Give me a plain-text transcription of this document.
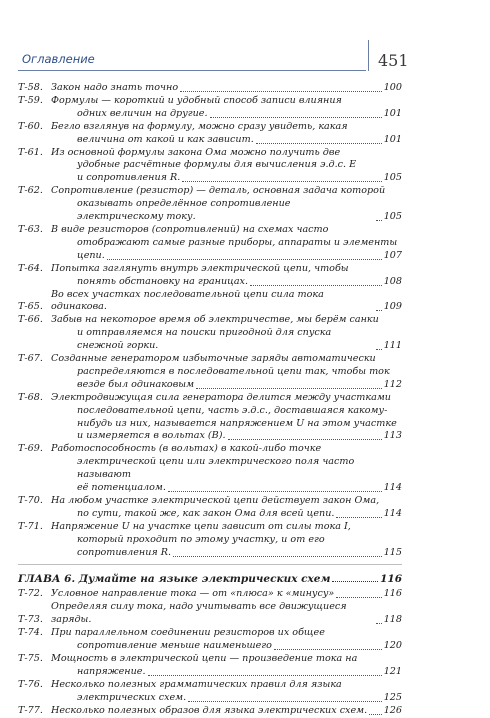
Оглавление	451
Т-58. Закон надо знать точно	100
Т-59. Формулы — короткий и удобный способ записи влияния
одних величин на другие.	101
Т-60. Бегло взглянув на формулу, можно сразу увидеть, какая
величина от какой и как зависит.	101
Т-61. Из основной формулы закона Ома можно получить две
удобные расчётные формулы для вычисления э.д.с. E
и сопротивления R.	105
Т-62. Сопротивление (резистор) — деталь, основная задача которой
оказывать определённое сопротивление электрическому току.	105
Т-63. В виде резисторов (сопротивлений) на схемах часто
отображают самые разные приборы, аппараты и элементы
цепи.	107
Т-64. Попытка заглянуть внутрь электрической цепи, чтобы
понять обстановку на границах.	108
Т-65.
Во всех участках последовательной цепи сила тока одинакова.	109
Т-66. Забыв на некоторое время об электричестве, мы берём санки
и отправляемся на поиски пригодной для спуска снежной горки.	111
Т-67. Созданные генератором избыточные заряды автоматически
распределяются в последовательной цепи так, чтобы ток
везде был одинаковым	112
Т-68. Электродвижущая сила генератора делится между участками
последовательной цепи, часть э.д.с., доставшаяся какому-
нибудь из них, называется напряжением U на этом участке
и измеряется в вольтах (В).	113
Т-69. Работоспособность (в вольтах) в какой-либо точке
электрической цепи или электрического поля часто называют
её потенциалом.	114
Т-70. На любом участке электрической цепи действует закон Ома,
по сути, такой же, как закон Ома для всей цепи.	114
Т-71. Напряжение U на участке цепи зависит от силы тока I,
который проходит по этому участку, и от его
сопротивления R.	115
ГЛАВА 6. Думайте на языке электрических схем	116
Т-72. Условное направление тока — от «плюса» к «минусу»	116
Т-73.
Определяя силу тока, надо учитывать все движущиеся заряды.	118
Т-74. При параллельном соединении резисторов их общее
сопротивление меньше наименьшего	120
Т-75. Мощность в электрической цепи — произведение тока на
напряжение.	121
Т-76. Несколько полезных грамматических правил для языка
электрических схем.	125
Т-77. Несколько полезных образов для языка электрических схем. 126
